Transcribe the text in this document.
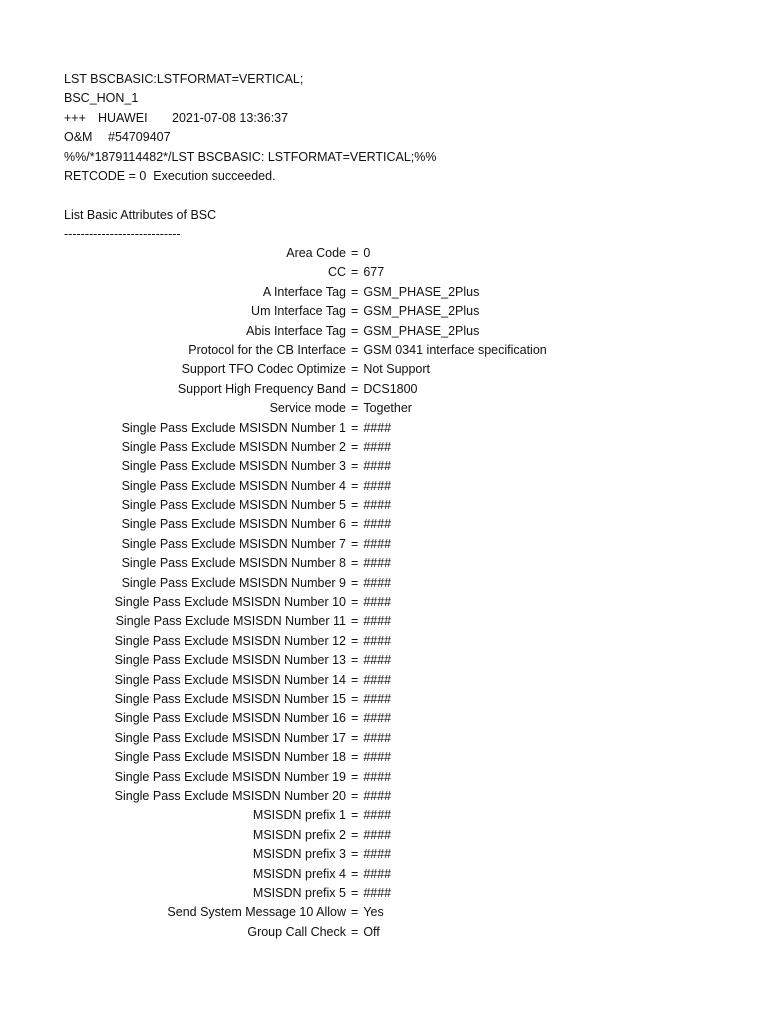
LST BSCBASIC:LSTFORMAT=VERTICAL;
BSC_HON_1
+++ HUAWEI 2021-07-08 13:36:37
O&M #54709407
%%/*1879114482*/LST BSCBASIC: LSTFORMAT=VERTICAL;%%
RETCODE = 0  Execution succeeded.
List Basic Attributes of BSC
----------------------------
Area Code = 0
CC = 677
A Interface Tag = GSM_PHASE_2Plus
Um Interface Tag = GSM_PHASE_2Plus
Abis Interface Tag = GSM_PHASE_2Plus
Protocol for the CB Interface = GSM 0341 interface specification
Support TFO Codec Optimize = Not Support
Support High Frequency Band = DCS1800
Service mode = Together
Single Pass Exclude MSISDN Number 1 = ####
Single Pass Exclude MSISDN Number 2 = ####
Single Pass Exclude MSISDN Number 3 = ####
Single Pass Exclude MSISDN Number 4 = ####
Single Pass Exclude MSISDN Number 5 = ####
Single Pass Exclude MSISDN Number 6 = ####
Single Pass Exclude MSISDN Number 7 = ####
Single Pass Exclude MSISDN Number 8 = ####
Single Pass Exclude MSISDN Number 9 = ####
Single Pass Exclude MSISDN Number 10 = ####
Single Pass Exclude MSISDN Number 11 = ####
Single Pass Exclude MSISDN Number 12 = ####
Single Pass Exclude MSISDN Number 13 = ####
Single Pass Exclude MSISDN Number 14 = ####
Single Pass Exclude MSISDN Number 15 = ####
Single Pass Exclude MSISDN Number 16 = ####
Single Pass Exclude MSISDN Number 17 = ####
Single Pass Exclude MSISDN Number 18 = ####
Single Pass Exclude MSISDN Number 19 = ####
Single Pass Exclude MSISDN Number 20 = ####
MSISDN prefix 1 = ####
MSISDN prefix 2 = ####
MSISDN prefix 3 = ####
MSISDN prefix 4 = ####
MSISDN prefix 5 = ####
Send System Message 10 Allow = Yes
Group Call Check = Off
